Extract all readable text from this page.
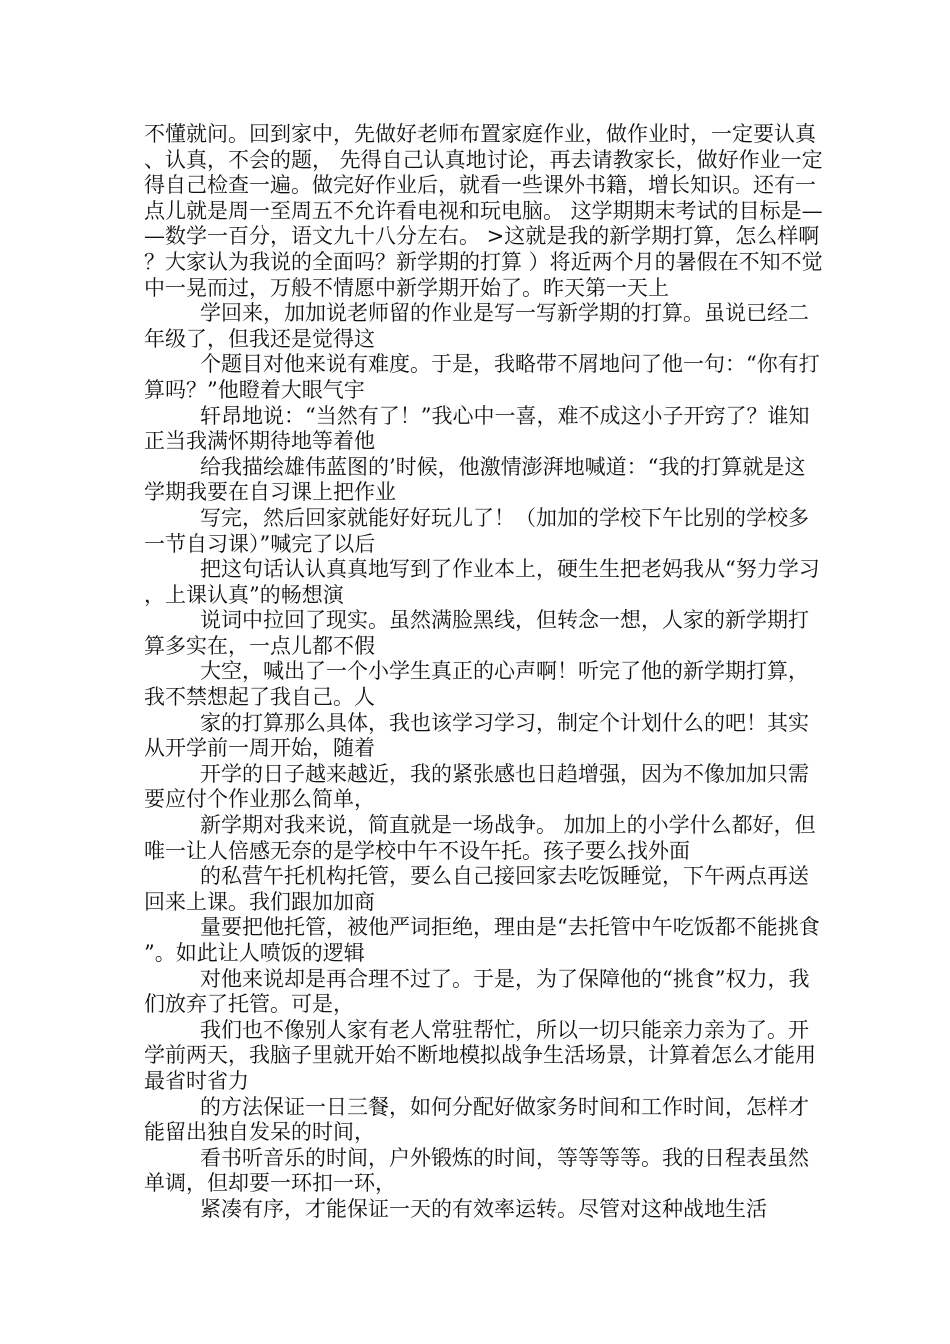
不懂就问。回到家中，先做好老师布置家庭作业，做作业时，一定要认真、认真，不会的题， 先得自己认真地讨论，再去请教家长，做好作业一定得自己检查一遍。做完好作业后，就看一些课外书籍，增长知识。还有一点儿就是周一至周五不允许看电视和玩电脑。 这学期期末考试的目标是——数学一百分，语文九十八分左右。 >这就是我的新学期打算，怎么样啊？大家认为我说的全面吗？新学期的打算 ）将近两个月的暑假在不知不觉中一晃而过，万般不情愿中新学期开始了。昨天第一天上

学回来，加加说老师留的作业是写一写新学期的打算。虽说已经二年级了，但我还是觉得这

个题目对他来说有难度。于是，我略带不屑地问了他一句：“你有打算吗？”他瞪着大眼气宇

轩昂地说：“当然有了！”我心中一喜，难不成这小子开窍了？谁知正当我满怀期待地等着他

给我描绘雄伟蓝图的’时候，他激情澎湃地喊道：“我的打算就是这学期我要在自习课上把作业

写完，然后回家就能好好玩儿了！（加加的学校下午比别的学校多一节自习课）”喊完了以后

把这句话认认真真地写到了作业本上，硬生生把老妈我从“努力学习，上课认真”的畅想演

说词中拉回了现实。虽然满脸黑线，但转念一想，人家的新学期打算多实在，一点儿都不假

大空，喊出了一个小学生真正的心声啊！听完了他的新学期打算，我不禁想起了我自己。人

家的打算那么具体，我也该学习学习，制定个计划什么的吧！其实从开学前一周开始，随着

开学的日子越来越近，我的紧张感也日趋增强，因为不像加加只需要应付个作业那么简单，

新学期对我来说，简直就是一场战争。 加加上的小学什么都好，但唯一让人倍感无奈的是学校中午不设午托。孩子要么找外面

的私营午托机构托管，要么自己接回家去吃饭睡觉，下午两点再送回来上课。我们跟加加商

量要把他托管，被他严词拒绝，理由是“去托管中午吃饭都不能挑食”。如此让人喷饭的逻辑

对他来说却是再合理不过了。于是，为了保障他的“挑食”权力，我们放弃了托管。可是，

我们也不像别人家有老人常驻帮忙，所以一切只能亲力亲为了。开学前两天，我脑子里就开始不断地模拟战争生活场景，计算着怎么才能用最省时省力

的方法保证一日三餐，如何分配好做家务时间和工作时间，怎样才能留出独自发呆的时间，

看书听音乐的时间，户外锻炼的时间，等等等等。我的日程表虽然单调，但却要一环扣一环，

紧凑有序，才能保证一天的有效率运转。尽管对这种战地生活
